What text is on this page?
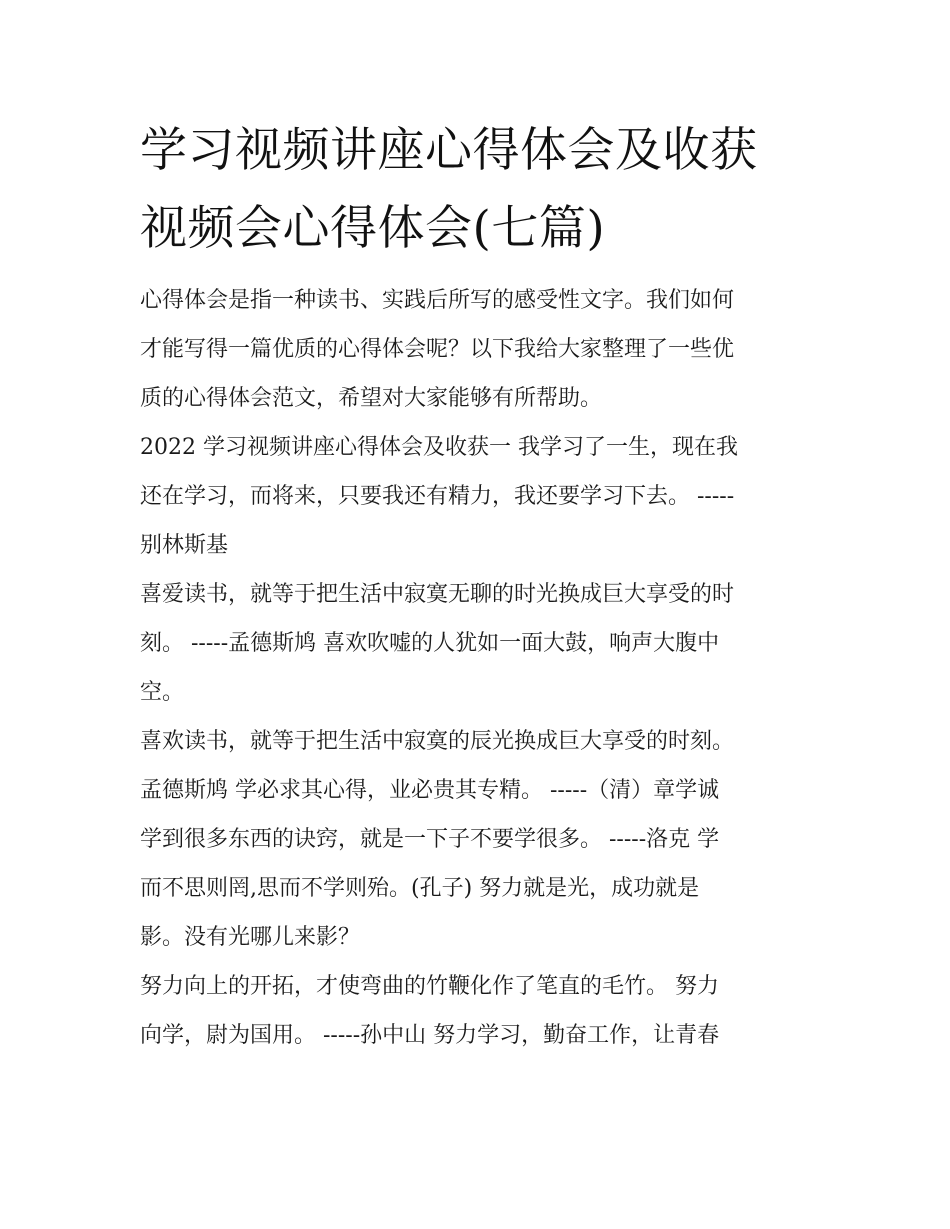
学习视频讲座心得体会及收获
视频会心得体会(七篇)

心得体会是指一种读书、实践后所写的感受性文字。我们如何
才能写得一篇优质的心得体会呢？以下我给大家整理了一些优
质的心得体会范文，希望对大家能够有所帮助。

2022 学习视频讲座心得体会及收获一 我学习了一生，现在我
还在学习，而将来，只要我还有精力，我还要学习下去。 -----
别林斯基

喜爱读书，就等于把生活中寂寞无聊的时光换成巨大享受的时
刻。 -----孟德斯鸠 喜欢吹嘘的人犹如一面大鼓，响声大腹中
空。

喜欢读书，就等于把生活中寂寞的辰光换成巨大享受的时刻。
孟德斯鸠 学必求其心得，业必贵其专精。 -----（清）章学诚
学到很多东西的诀窍，就是一下子不要学很多。 -----洛克 学
而不思则罔,思而不学则殆。(孔子) 努力就是光，成功就是
影。没有光哪儿来影？

努力向上的开拓，才使弯曲的竹鞭化作了笔直的毛竹。 努力
向学，尉为国用。 -----孙中山 努力学习，勤奋工作，让青春
